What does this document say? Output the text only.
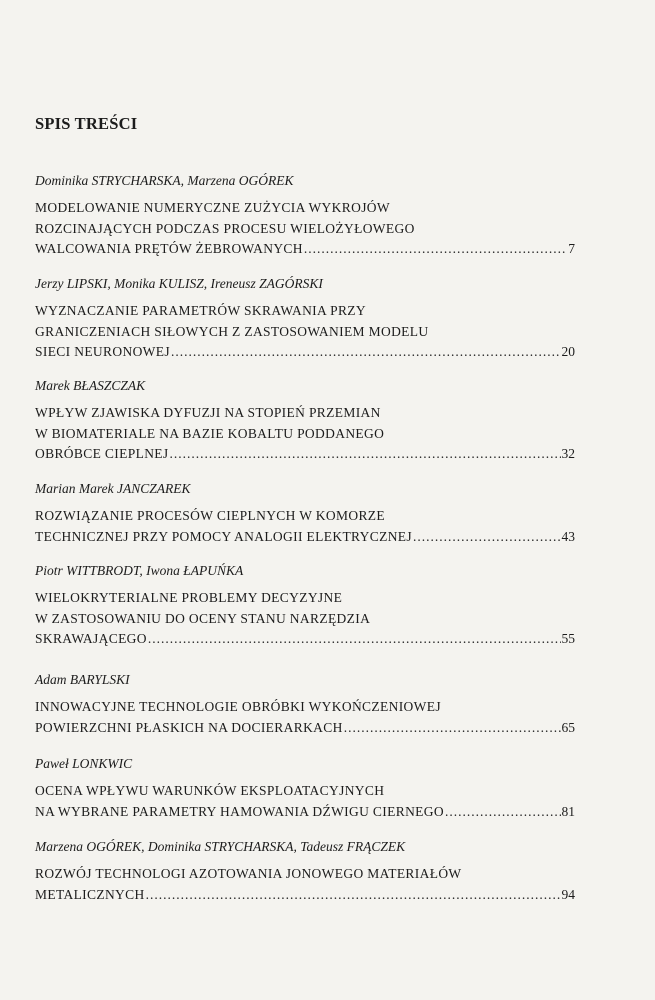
SPIS TREŚCI
Dominika STRYCHARSKA, Marzena OGÓREK
MODELOWANIE NUMERYCZNE ZUŻYCIA WYKROJÓW
ROZCINAJĄCYCH PODCZAS PROCESU WIELOŻYŁOWEGO
WALCOWANIA PRĘTÓW ŻEBROWANYCH .....	7
Jerzy LIPSKI, Monika KULISZ, Ireneusz ZAGÓRSKI
WYZNACZANIE PARAMETRÓW SKRAWANIA PRZY
GRANICZENIACH SIŁOWYCH Z ZASTOSOWANIEM MODELU
SIECI NEURONOWEJ .....	20
Marek BŁASZCZAK
WPŁYW ZJAWISKA DYFUZJI NA STOPIEŃ PRZEMIAN
W BIOMATERIALE NA BAZIE KOBALTU PODDANEGO
OBRÓBCE CIEPLNEJ .....	32
Marian Marek JANCZAREK
ROZWIĄZANIE PROCESÓW CIEPLNYCH W KOMORZE
TECHNICZNEJ PRZY POMOCY ANALOGII ELEKTRYCZNEJ .....	43
Piotr WITTBRODT, Iwona ŁAPUŃKA
WIELOKRYTERIALNE PROBLEMY DECYZYJNE
W ZASTOSOWANIU DO OCENY STANU NARZĘDZIA
SKRAWAJĄCEGO .....	55
Adam BARYLSKI
INNOWACYJNE TECHNOLOGIE OBRÓBKI WYKOŃCZENIOWEJ
POWIERZCHNI PŁASKICH NA DOCIERARKACH .....	65
Paweł LONKWIC
OCENA WPŁYWU WARUNKÓW EKSPLOATACYJNYCH
NA WYBRANE PARAMETRY HAMOWANIA DŹWIGU CIERNEGO .....	81
Marzena OGÓREK, Dominika STRYCHARSKA, Tadeusz FRĄCZEK
ROZWÓJ TECHNOLOGI AZOTOWANIA JONOWEGO MATERIAŁÓW
METALICZNYCH .....	94
